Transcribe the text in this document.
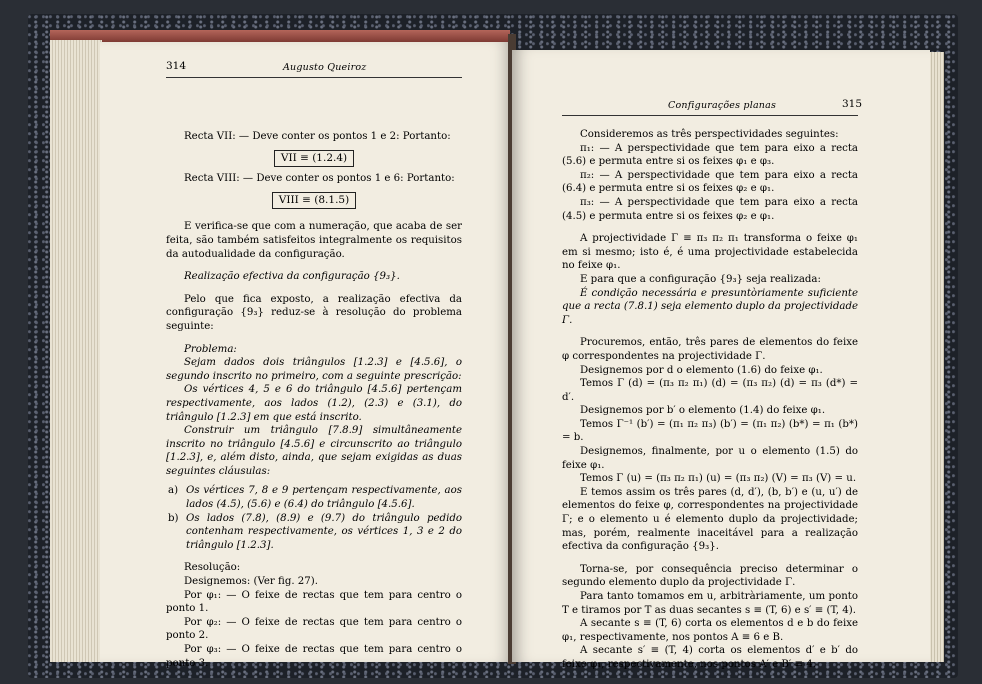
314	Augusto Queiroz

Recta VII: — Deve conter os pontos 1 e 2: Portanto:

VII ≡ (1.2.4)

Recta VIII: — Deve conter os pontos 1 e 6: Portanto:

VIII ≡ (8.1.5)

E verifica-se que com a numeração, que acaba de ser feita, são também satisfeitos integralmente os requisitos da autodualidade da configuração.

Realização efectiva da configuração {9₃}.

Pelo que fica exposto, a realização efectiva da configuração {9₃} reduz-se à resolução do problema seguinte:

Problema:

Sejam dados dois triângulos [1.2.3] e [4.5.6], o segundo inscrito no primeiro, com a seguinte prescrição:

Os vértices 4, 5 e 6 do triângulo [4.5.6] pertençam respectivamente, aos lados (1.2), (2.3) e (3.1), do triângulo [1.2.3] em que está inscrito.

Construir um triângulo [7.8.9] simultâneamente inscrito no triângulo [4.5.6] e circunscrito ao triângulo [1.2.3], e, além disto, ainda, que sejam exigidas as duas seguintes cláusulas:

a) Os vértices 7, 8 e 9 pertençam respectivamente, aos lados (4.5), (5.6) e (6.4) do triângulo [4.5.6].
b) Os lados (7.8), (8.9) e (9.7) do triângulo pedido contenham respectivamente, os vértices 1, 3 e 2 do triângulo [1.2.3].

Resolução:

Designemos: (Ver fig. 27).

Por φ₁: — O feixe de rectas que tem para centro o ponto 1.

Por φ₂: — O feixe de rectas que tem para centro o ponto 2.

Por φ₃: — O feixe de rectas que tem para centro o ponto 3.

Configurações planas	315

Consideremos as três perspectividades seguintes:

π₁: — A perspectividade que tem para eixo a recta (5.6) e permuta entre si os feixes φ₁ e φ₃.

π₂: — A perspectividade que tem para eixo a recta (6.4) e permuta entre si os feixes φ₂ e φ₁.

π₃: — A perspectividade que tem para eixo a recta (4.5) e permuta entre si os feixes φ₂ e φ₁.

A projectividade Γ ≡ π₃ π₂ π₁ transforma o feixe φ₁ em si mesmo; isto é, é uma projectividade estabelecida no feixe φ₁.

E para que a configuração {9₃} seja realizada:

É condição necessária e presuntòriamente suficiente que a recta (7.8.1) seja elemento duplo da projectividade Γ.

Procuremos, então, três pares de elementos do feixe φ correspondentes na projectividade Γ.

Designemos por d o elemento (1.6) do feixe φ₁.

Temos Γ (d) = (π₃ π₂ π₁) (d) = (π₃ π₂) (d) = π₃ (d*) = d′.

Designemos por b′ o elemento (1.4) do feixe φ₁.

Temos Γ⁻¹ (b′) = (π₁ π₂ π₃) (b′) = (π₁ π₂) (b*) = π₁ (b*) = b.

Designemos, finalmente, por u o elemento (1.5) do feixe φ₁.

Temos Γ (u) = (π₃ π₂ π₁) (u) = (π₃ π₂) (V) = π₃ (V) = u.

E temos assim os três pares (d, d′), (b, b′) e (u, u′) de elementos do feixe φ, correspondentes na projectividade Γ; e o elemento u é elemento duplo da projectividade; mas, porém, realmente inaceitável para a realização efectiva da configuração {9₃}.

Torna-se, por consequência preciso determinar o segundo elemento duplo da projectividade Γ.

Para tanto tomamos em u, arbitràriamente, um ponto T e tiramos por T as duas secantes s ≡ (T, 6) e s′ ≡ (T, 4).

A secante s ≡ (T, 6) corta os elementos d e b do feixe φ₁, respectivamente, nos pontos A ≡ 6 e B.

A secante s′ ≡ (T, 4) corta os elementos d′ e b′ do feixe φ₁, respectivamente, nos pontos A′ e B′ ≡ 4.
